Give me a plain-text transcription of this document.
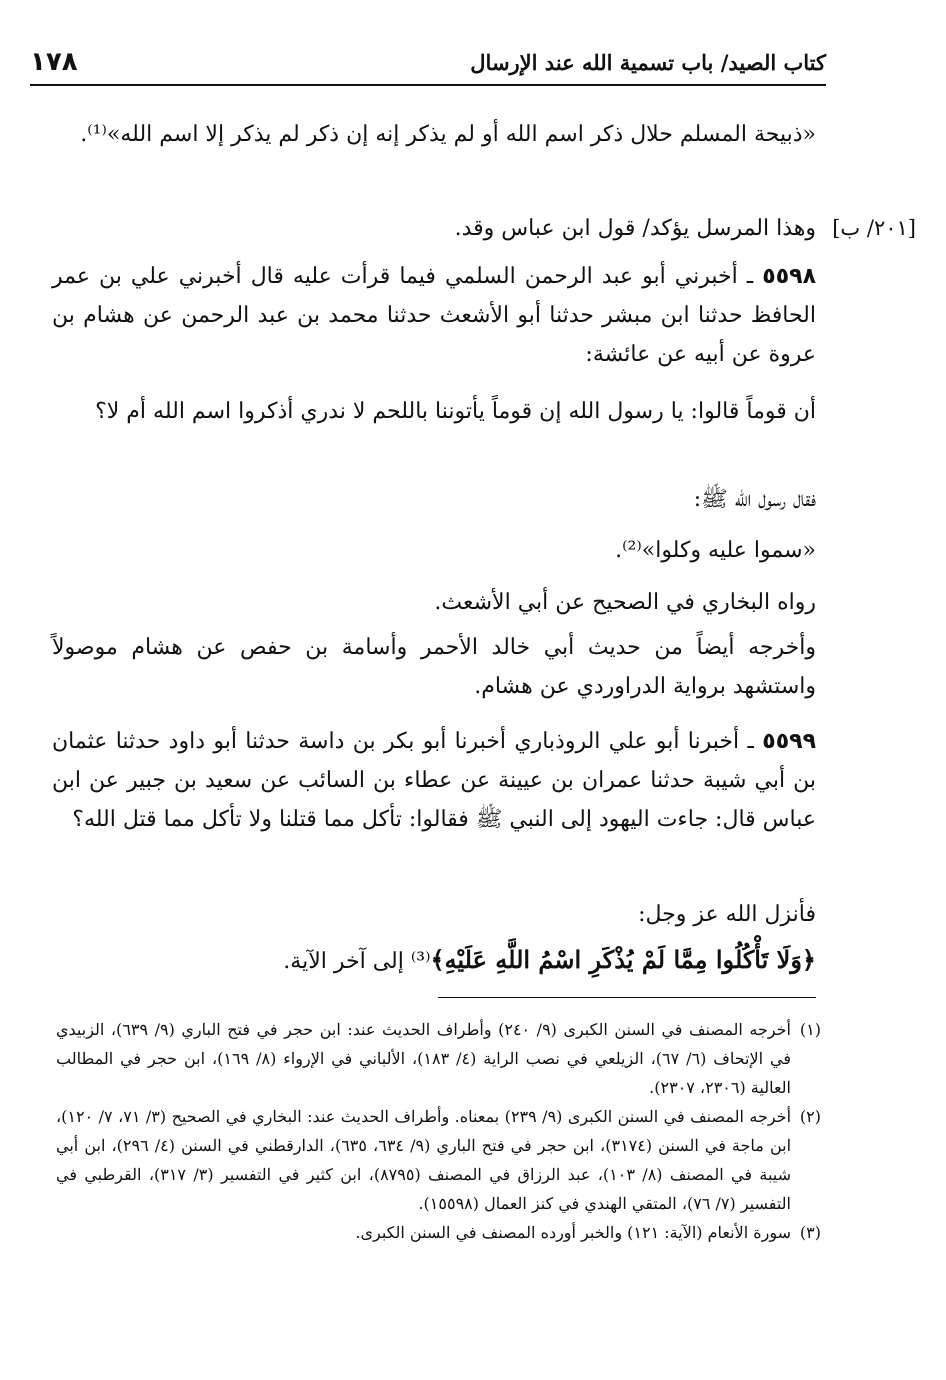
١٧٨	كتاب الصيد/ باب تسمية الله عند الإرسال
«ذبيحة المسلم حلال ذكر اسم الله أو لم يذكر إنه إن ذكر لم يذكر إلا اسم الله»⁽¹⁾.
[٢٠١/ ب]
وهذا المرسل يؤكد/ قول ابن عباس وقد.
٥٥٩٨ ـ أخبرني أبو عبد الرحمن السلمي فيما قرأت عليه قال أخبرني علي بن عمر الحافظ حدثنا ابن مبشر حدثنا أبو الأشعث حدثنا محمد بن عبد الرحمن عن هشام بن عروة عن أبيه عن عائشة:
أن قوماً قالوا: يا رسول الله إن قوماً يأتوننا باللحم لا ندري أذكروا اسم الله أم لا؟
فقال رسول الله ﷺ:
«سموا عليه وكلوا»⁽²⁾.
رواه البخاري في الصحيح عن أبي الأشعث.
وأخرجه أيضاً من حديث أبي خالد الأحمر وأسامة بن حفص عن هشام موصولاً واستشهد برواية الدراوردي عن هشام.
٥٥٩٩ ـ أخبرنا أبو علي الروذباري أخبرنا أبو بكر بن داسة حدثنا أبو داود حدثنا عثمان بن أبي شيبة حدثنا عمران بن عيينة عن عطاء بن السائب عن سعيد بن جبير عن ابن عباس قال: جاءت اليهود إلى النبي ﷺ فقالوا: تأكل مما قتلنا ولا تأكل مما قتل الله؟
فأنزل الله عز وجل:
﴿وَلَا تَأْكُلُوا مِمَّا لَمْ يُذْكَرِ اسْمُ اللَّهِ عَلَيْهِ﴾⁽³⁾ إلى آخر الآية.
(١)
أخرجه المصنف في السنن الكبرى (٩/ ٢٤٠) وأطراف الحديث عند: ابن حجر في فتح الباري (٩/ ٦٣٩)، الزبيدي في الإتحاف (٦/ ٦٧)، الزيلعي في نصب الراية (٤/ ١٨٣)، الألباني في الإرواء (٨/ ١٦٩)، ابن حجر في المطالب العالية (٢٣٠٦، ٢٣٠٧).
(٢)
أخرجه المصنف في السنن الكبرى (٩/ ٢٣٩) بمعناه. وأطراف الحديث عند: البخاري في الصحيح (٣/ ٧١، ٧/ ١٢٠)، ابن ماجة في السنن (٣١٧٤)، ابن حجر في فتح الباري (٩/ ٦٣٤، ٦٣٥)، الدارقطني في السنن (٤/ ٢٩٦)، ابن أبي شيبة في المصنف (٨/ ١٠٣)، عبد الرزاق في المصنف (٨٧٩٥)، ابن كثير في التفسير (٣/ ٣١٧)، القرطبي في التفسير (٧/ ٧٦)، المتقي الهندي في كنز العمال (١٥٥٩٨).
(٣)
سورة الأنعام (الآية: ١٢١) والخبر أورده المصنف في السنن الكبرى.
